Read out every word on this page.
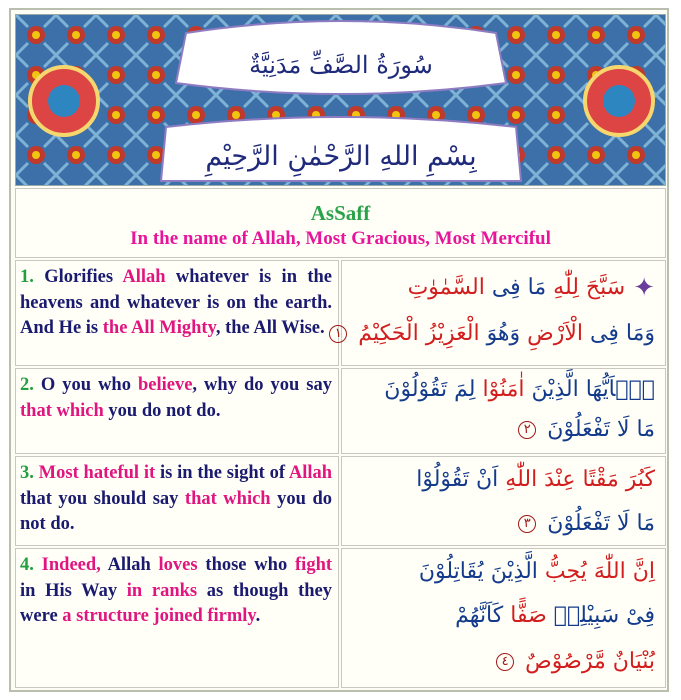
سُورَةُ الصَّفِّ مَدَنِيَّةٌ
بِسْمِ اللهِ الرَّحْمٰنِ الرَّحِيْمِ
AsSaff
In the name of Allah, Most Gracious, Most Merciful
1. Glorifies Allah whatever is in the heavens and whatever is on the earth. And He is the All Mighty, the All Wise.
✦سَبَّحَ لِلّٰهِ مَا فِى السَّمٰوٰتِ
وَمَا فِى الْاَرْضِ وَهُوَ الْعَزِيْزُ الْحَكِيْمُ ١
2. O you who believe, why do you say that which you do not do.
يٰۤاَيُّهَا الَّذِيْنَ اٰمَنُوْا لِمَ تَقُوْلُوْنَ
مَا لَا تَفْعَلُوْنَ ٢
3. Most hateful it is in the sight of Allah that you should say that which you do not do.
كَبُرَ مَقْتًا عِنْدَ اللّٰهِ اَنْ تَقُوْلُوْا
مَا لَا تَفْعَلُوْنَ ٣
4. Indeed, Allah loves those who fight in His Way in ranks as though they were a structure joined firmly.
اِنَّ اللّٰهَ يُحِبُّ الَّذِيْنَ يُقَاتِلُوْنَ
فِىْ سَبِيْلِهٖ صَفًّا كَاَنَّهُمْ
بُنْيَانٌ مَّرْصُوْصٌ ٤
